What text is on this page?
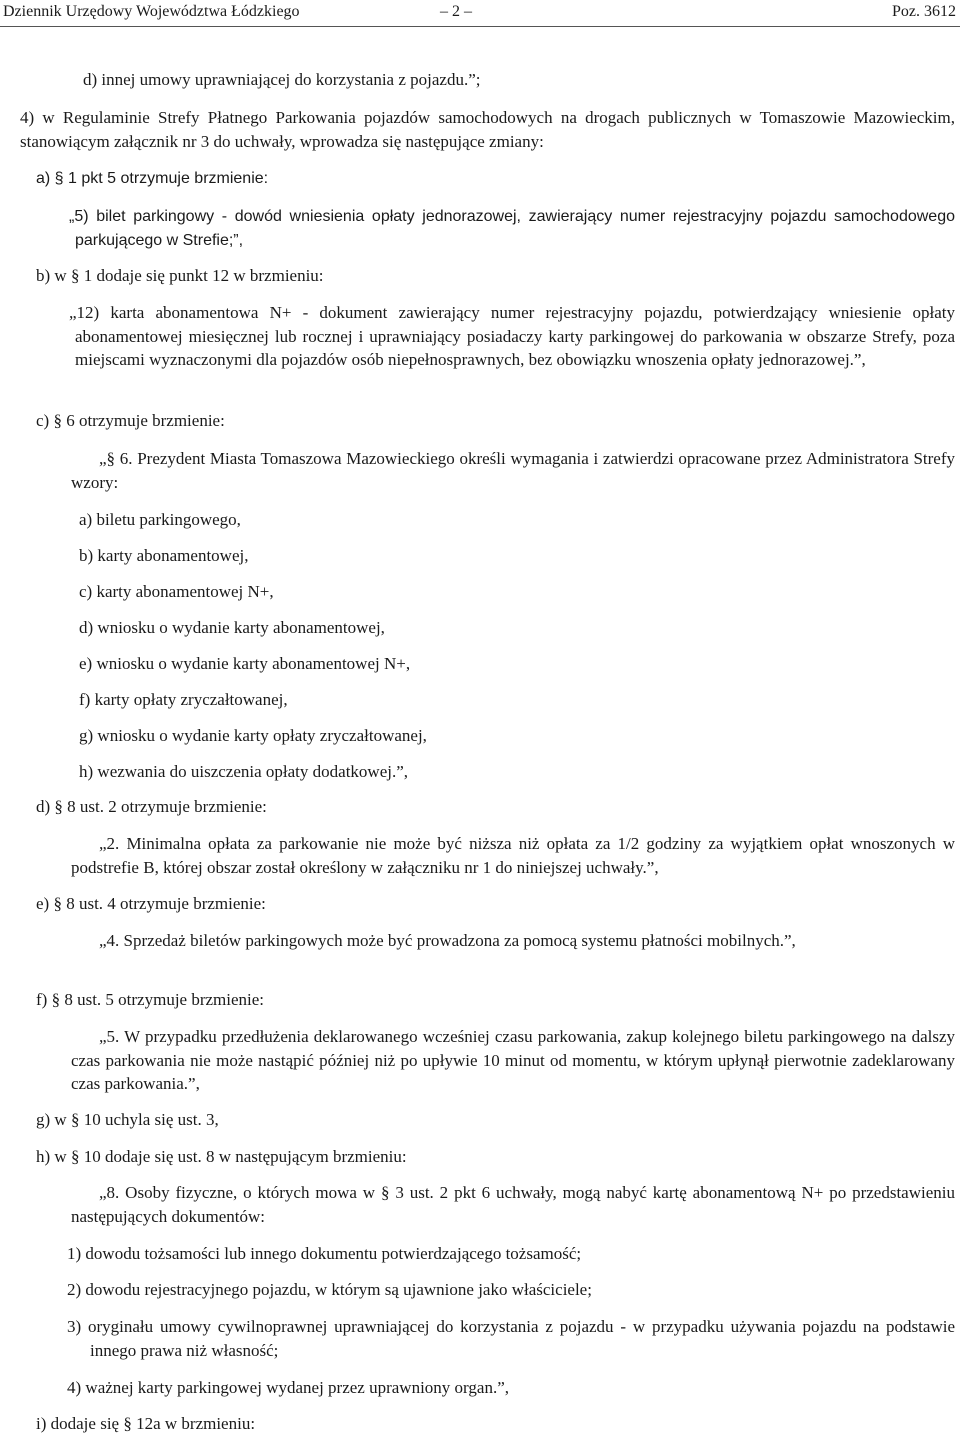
Dziennik Urzędowy Województwa Łódzkiego	– 2 –	Poz. 3612
d) innej umowy uprawniającej do korzystania z pojazdu.”;
4) w Regulaminie Strefy Płatnego Parkowania pojazdów samochodowych na drogach publicznych w Tomaszowie Mazowieckim, stanowiącym załącznik nr 3 do uchwały, wprowadza się następujące zmiany:
a) § 1 pkt 5 otrzymuje brzmienie:
„5) bilet parkingowy - dowód wniesienia opłaty jednorazowej, zawierający numer rejestracyjny pojazdu samochodowego parkującego w Strefie;”,
b) w § 1 dodaje się punkt 12 w brzmieniu:
„12) karta abonamentowa N+ - dokument zawierający numer rejestracyjny pojazdu, potwierdzający wniesienie opłaty abonamentowej miesięcznej lub rocznej i uprawniający posiadaczy karty parkingowej do parkowania w obszarze Strefy, poza miejscami wyznaczonymi dla pojazdów osób niepełnosprawnych, bez obowiązku wnoszenia opłaty jednorazowej.”,
c) § 6 otrzymuje brzmienie:
„§ 6. Prezydent Miasta Tomaszowa Mazowieckiego określi wymagania i zatwierdzi opracowane przez Administratora Strefy wzory:
a) biletu parkingowego,
b) karty abonamentowej,
c) karty abonamentowej N+,
d) wniosku o wydanie karty abonamentowej,
e) wniosku o wydanie karty abonamentowej N+,
f) karty opłaty zryczałtowanej,
g) wniosku o wydanie karty opłaty zryczałtowanej,
h) wezwania do uiszczenia opłaty dodatkowej.”,
d) § 8 ust. 2 otrzymuje brzmienie:
„2. Minimalna opłata za parkowanie nie może być niższa niż opłata za 1/2 godziny za wyjątkiem opłat wnoszonych w podstrefie B, której obszar został określony w załączniku nr 1 do niniejszej uchwały.”,
e) § 8 ust. 4 otrzymuje brzmienie:
„4. Sprzedaż biletów parkingowych może być prowadzona za pomocą systemu płatności mobilnych.”,
f) § 8 ust. 5 otrzymuje brzmienie:
„5. W przypadku przedłużenia deklarowanego wcześniej czasu parkowania, zakup kolejnego biletu parkingowego na dalszy czas parkowania nie może nastąpić później niż po upływie 10 minut od momentu, w którym upłynął pierwotnie zadeklarowany czas parkowania.”,
g) w § 10 uchyla się ust. 3,
h) w § 10 dodaje się ust. 8 w następującym brzmieniu:
„8. Osoby fizyczne, o których mowa w § 3 ust. 2 pkt 6 uchwały, mogą nabyć kartę abonamentową N+ po przedstawieniu następujących dokumentów:
1) dowodu tożsamości lub innego dokumentu potwierdzającego tożsamość;
2) dowodu rejestracyjnego pojazdu, w którym są ujawnione jako właściciele;
3) oryginału umowy cywilnoprawnej uprawniającej do korzystania z pojazdu - w przypadku używania pojazdu na podstawie innego prawa niż własność;
4) ważnej karty parkingowej wydanej przez uprawniony organ.”,
i) dodaje się § 12a w brzmieniu:
